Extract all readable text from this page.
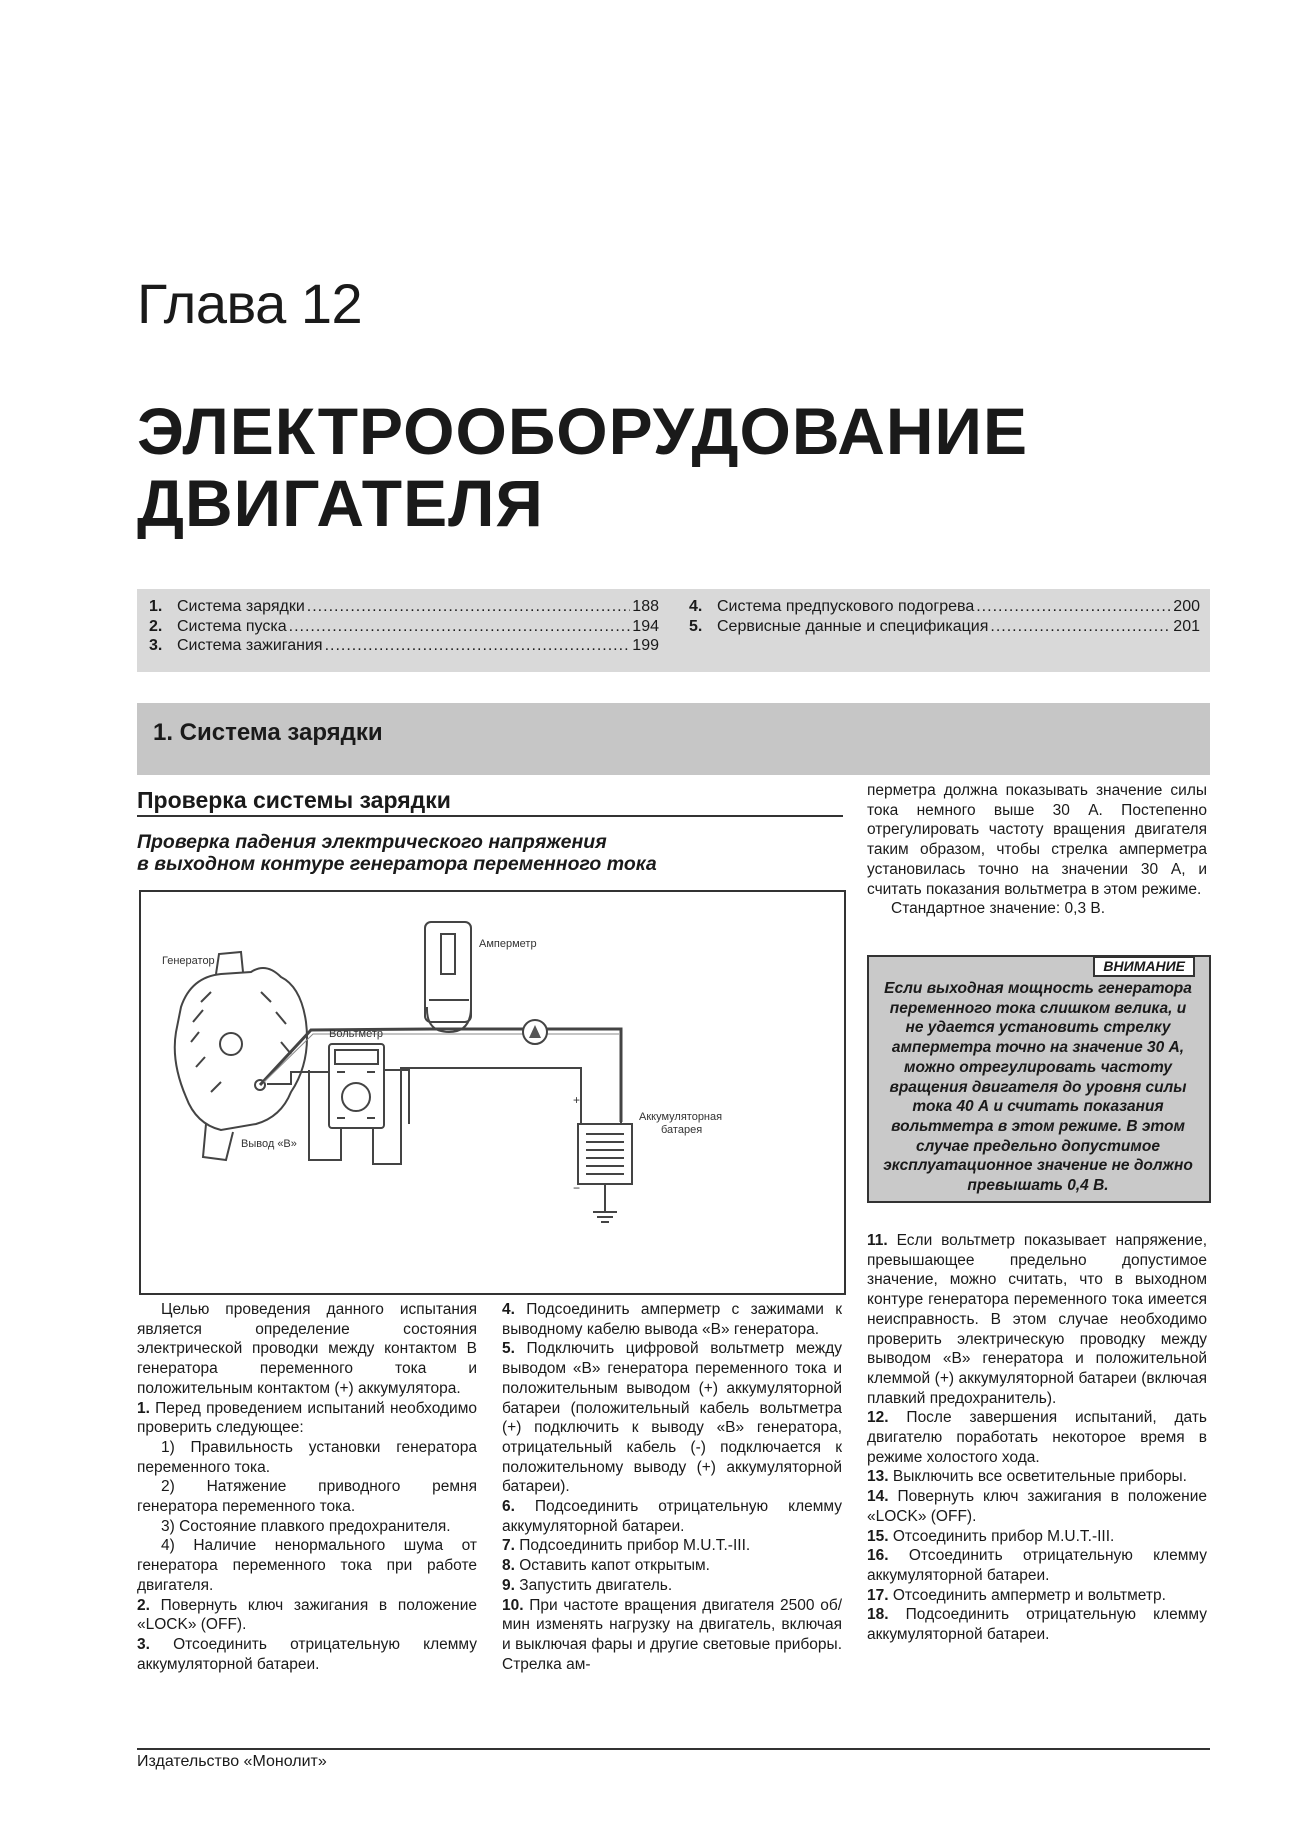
Глава 12
ЭЛЕКТРООБОРУДОВАНИЕ
ДВИГАТЕЛЯ
1. Система зарядки .....	188
2. Система пуска .....	194
3. Система зажигания .....	199
4. Система предпускового подогрева .....	200
5. Сервисные данные и спецификация .....	201
1. Система зарядки
Проверка системы зарядки
Проверка падения электрического напряжения
в выходном контуре генератора переменного тока
Генератор
Амперметр
Вольтметр
Аккумуляторная
батарея
Вывод «В»
+
−

Целью проведения данного испытания является определение состояния электрической проводки между контактом В генератора переменного тока и положительным контактом (+) аккумулятора.

1. Перед проведением испытаний необходимо проверить следующее:

1) Правильность установки генератора переменного тока.

2) Натяжение приводного ремня генератора переменного тока.

3) Состояние плавкого предохранителя.

4) Наличие ненормального шума от генератора переменного тока при работе двигателя.

2. Повернуть ключ зажигания в положение «LOCK» (OFF).

3. Отсоединить отрицательную клемму аккумуляторной батареи.

4. Подсоединить амперметр с зажимами к выводному кабелю вывода «В» генератора.

5. Подключить цифровой вольтметр между выводом «В» генератора переменного тока и положительным выводом (+) аккумуляторной батареи (положительный кабель вольтметра (+) подключить к выводу «В» генератора, отрицательный кабель (-) подключается к положительному выводу (+) аккумуляторной батареи).

6. Подсоединить отрицательную клемму аккумуляторной батареи.

7. Подсоединить прибор M.U.T.-III.

8. Оставить капот открытым.

9. Запустить двигатель.

10. При частоте вращения двигателя 2500 об/мин изменять нагрузку на двигатель, включая и выключая фары и другие световые приборы. Стрелка ам-

перметра должна показывать значение силы тока немного выше 30 А. Постепенно отрегулировать частоту вращения двигателя таким образом, чтобы стрелка амперметра установилась точно на значении 30 А, и считать показания вольтметра в этом режиме.

Стандартное значение: 0,3 В.

ВНИМАНИЕ
Если выходная мощность генератора переменного тока слишком велика, и не удается установить стрелку амперметра точно на значение 30 А, можно отрегулировать частоту вращения двигателя до уровня силы тока 40 А и считать показания вольтметра в этом режиме. В этом случае предельно допустимое эксплуатационное значение не должно превышать 0,4 В.

11. Если вольтметр показывает напряжение, превышающее предельно допустимое значение, можно считать, что в выходном контуре генератора переменного тока имеется неисправность. В этом случае необходимо проверить электрическую проводку между выводом «В» генератора и положительной клеммой (+) аккумуляторной батареи (включая плавкий предохранитель).

12. После завершения испытаний, дать двигателю поработать некоторое время в режиме холостого хода.

13. Выключить все осветительные приборы.

14. Повернуть ключ зажигания в положение «LOCK» (OFF).

15. Отсоединить прибор M.U.T.-III.

16. Отсоединить отрицательную клемму аккумуляторной батареи.

17. Отсоединить амперметр и вольтметр.

18. Подсоединить отрицательную клемму аккумуляторной батареи.

Издательство «Монолит»
